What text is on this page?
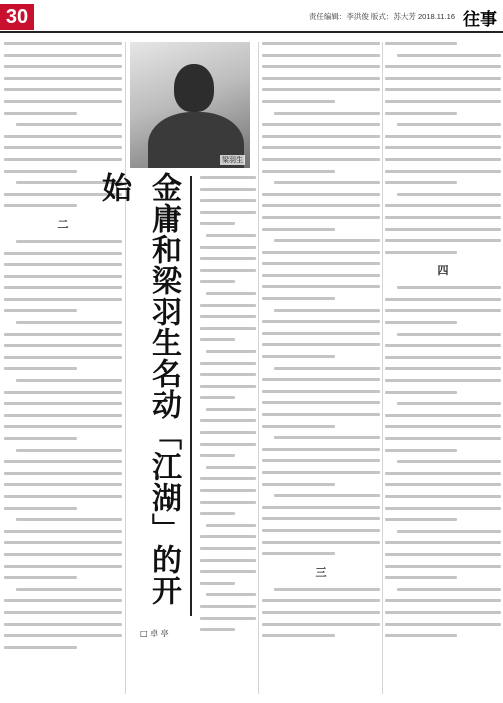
30	责任编辑：李洪俊 版式：苏大芳 2018.11.16 往事
二
梁羽生
金庸和梁羽生名动「江湖」的开始
□ 卓 亭
三
四
